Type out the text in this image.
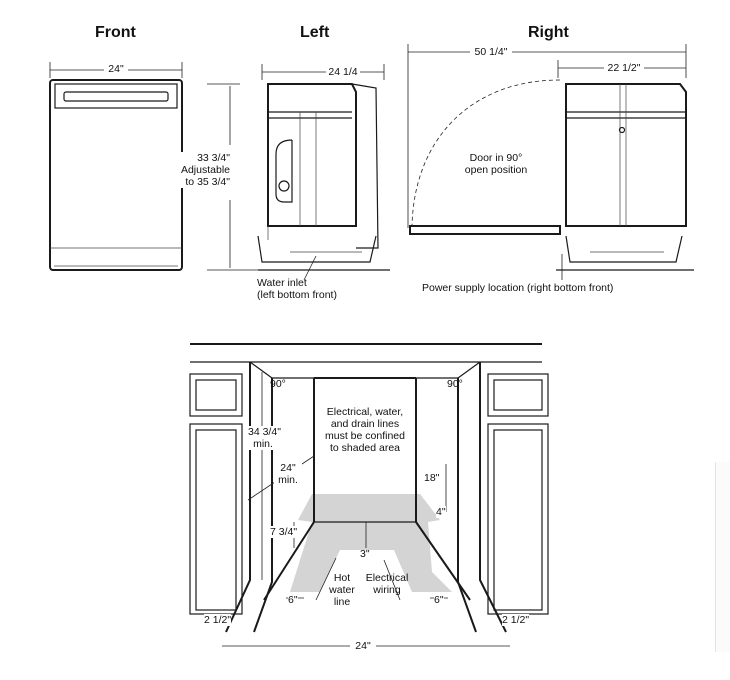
Front	Left	Right
24"	24 1/4
33 3/4"
Adjustable
to 35 3/4"
Water inlet
(left bottom front)
50 1/4"
22 1/2"
Door in 90°
open position
Power supply location (right bottom front)
90°	90°
34 3/4"
min.
24"
min.
Electrical, water,
and drain lines
must be confined
to shaded area
18"
4"
7 3/4"
3"
Hot
water
line
Electrical
wiring
6"	6"
2 1/2"	2 1/2"
24"
